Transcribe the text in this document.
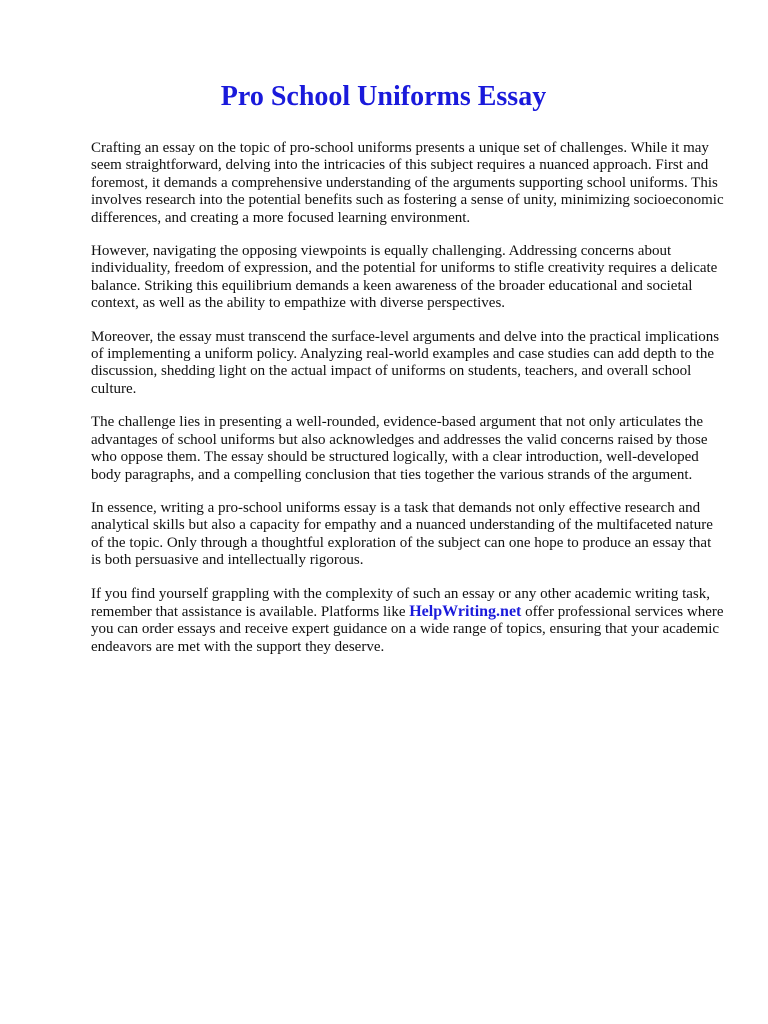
Pro School Uniforms Essay

Crafting an essay on the topic of pro-school uniforms presents a unique set of challenges. While it may seem straightforward, delving into the intricacies of this subject requires a nuanced approach. First and foremost, it demands a comprehensive understanding of the arguments supporting school uniforms. This involves research into the potential benefits such as fostering a sense of unity, minimizing socioeconomic differences, and creating a more focused learning environment.

However, navigating the opposing viewpoints is equally challenging. Addressing concerns about individuality, freedom of expression, and the potential for uniforms to stifle creativity requires a delicate balance. Striking this equilibrium demands a keen awareness of the broader educational and societal context, as well as the ability to empathize with diverse perspectives.

Moreover, the essay must transcend the surface-level arguments and delve into the practical implications of implementing a uniform policy. Analyzing real-world examples and case studies can add depth to the discussion, shedding light on the actual impact of uniforms on students, teachers, and overall school culture.

The challenge lies in presenting a well-rounded, evidence-based argument that not only articulates the advantages of school uniforms but also acknowledges and addresses the valid concerns raised by those who oppose them. The essay should be structured logically, with a clear introduction, well-developed body paragraphs, and a compelling conclusion that ties together the various strands of the argument.

In essence, writing a pro-school uniforms essay is a task that demands not only effective research and analytical skills but also a capacity for empathy and a nuanced understanding of the multifaceted nature of the topic. Only through a thoughtful exploration of the subject can one hope to produce an essay that is both persuasive and intellectually rigorous.

If you find yourself grappling with the complexity of such an essay or any other academic writing task, remember that assistance is available. Platforms like HelpWriting.net offer professional services where you can order essays and receive expert guidance on a wide range of topics, ensuring that your academic endeavors are met with the support they deserve.
